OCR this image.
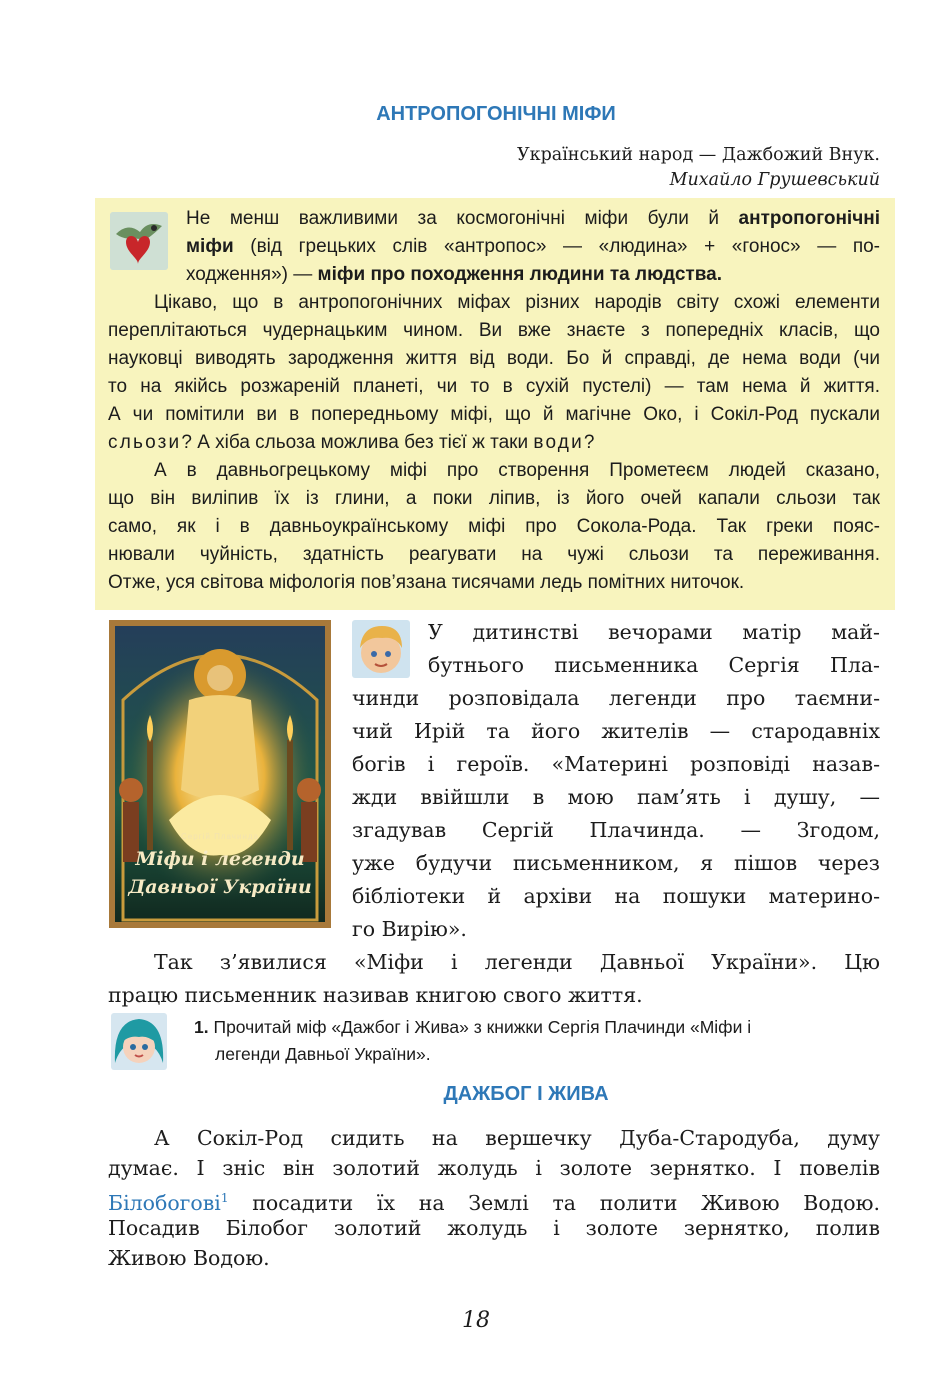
АНТРОПОГОНІЧНІ МІФИ
Український народ — Дажбожий Внук.
Михайло Грушевський
Не менш важливими за космогонічні міфи були й антропогонічні
міфи (від грецьких слів «антропос» — «людина» + «гонос» — по-
ходження») — міфи про походження людини та людства.
Цікаво, що в антропогонічних міфах різних народів світу схожі елементи
переплітаються чудернацьким чином. Ви вже знаєте з попередніх класів, що
науковці виводять зародження життя від води. Бо й справді, де нема води (чи
то на якійсь розжареній планеті, чи то в сухій пустелі) — там нема й життя.
А чи помітили ви в попередньому міфі, що й магічне Око, і Сокіл-Род пускали
сльози? А хіба сльоза можлива без тієї ж таки води?
А в давньогрецькому міфі про створення Прометеєм людей сказано,
що він виліпив їх із глини, а поки ліпив, із його очей капали сльози так
само, як і в давньоукраїнському міфі про Сокола-Рода. Так греки пояс-
нювали чуйність, здатність реагувати на чужі сльози та переживання.
Отже, уся світова міфологія пов’язана тисячами ледь помітних ниточок.
Сергій Плачинда
Міфи і легенди
Давньої України
У дитинстві вечорами матір май-
бутнього письменника Сергія Пла-
чинди розповідала легенди про таємни-
чий Ирій та його жителів — стародавніх
богів і героїв. «Материні розповіді назав-
жди ввійшли в мою пам’ять і душу, —
згадував Сергій Плачинда. — Згодом,
уже будучи письменником, я пішов через
бібліотеки й архіви на пошуки материно-
го Вирію».
Так з’явилися «Міфи і легенди Давньої України». Цю
працю письменник називав книгою свого життя.
1. Прочитай міф «Дажбог і Жива» з книжки Сергія Плачинди «Міфи і
легенди Давньої України».
ДАЖБОГ І ЖИВА
А Сокіл-Род сидить на вершечку Дуба-Стародуба, думу
думає. І зніс він золотий жолудь і золоте зернятко. І повелів
Білобогові$^1$ посадити їх на Землі та полити Живою Водою.
Посадив Білобог золотий жолудь і золоте зернятко, полив
Живою Водою.
18
